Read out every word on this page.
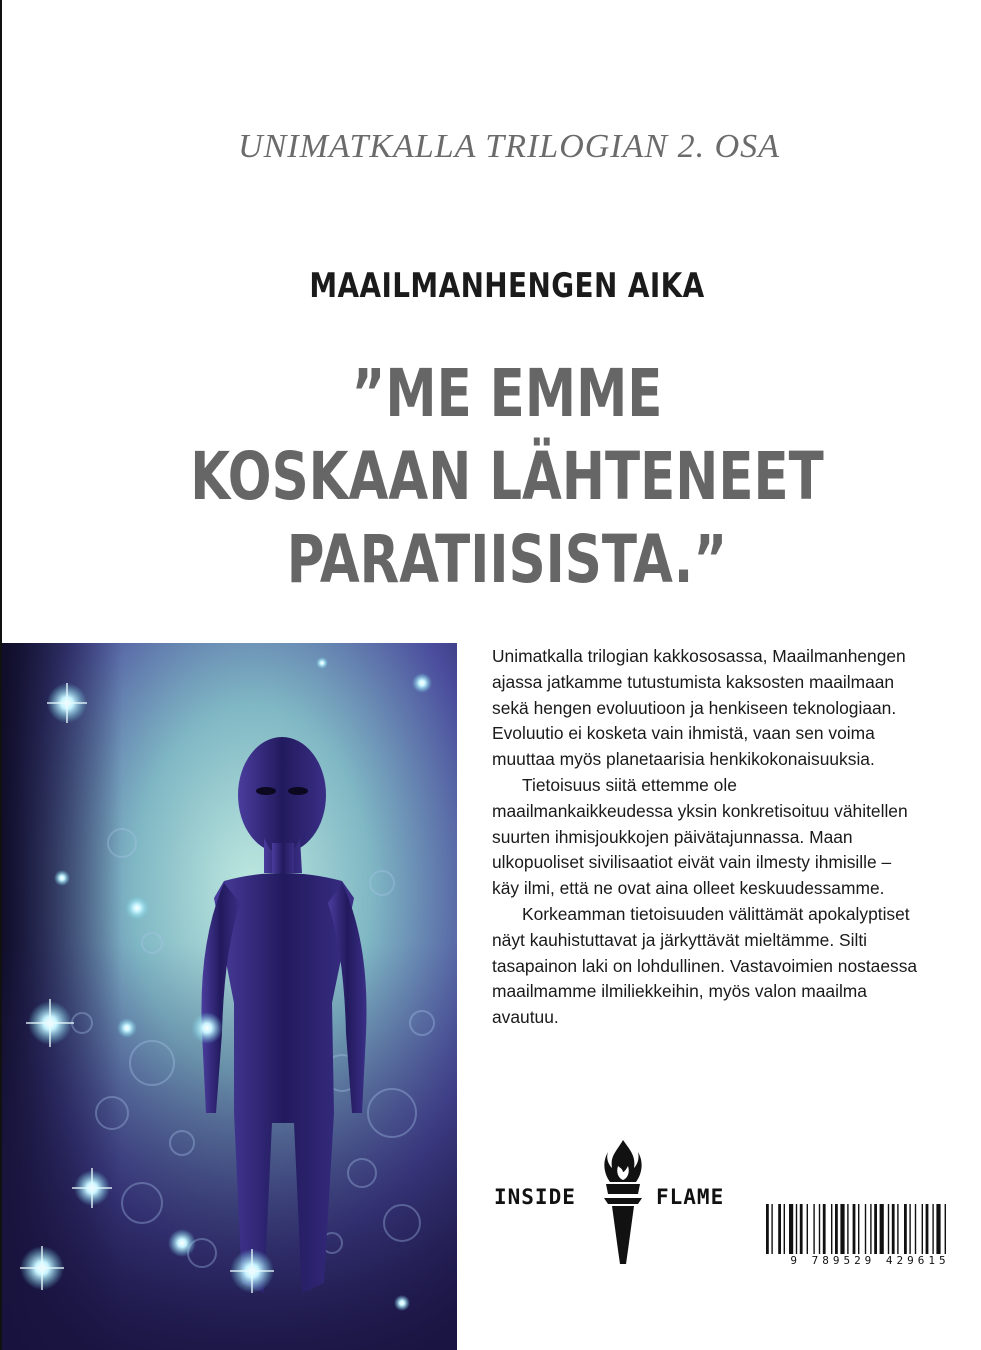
UNIMATKALLA TRILOGIAN 2. OSA
MAAILMANHENGEN AIKA
”ME EMME
KOSKAAN LÄHTENEET
PARATIISISTA.”

Unimatkalla trilogian kakkososassa, Maailmanhengen ajassa jatkamme tutustumista kaksosten maailmaan sekä hengen evoluutioon ja henkiseen teknologiaan. Evoluutio ei kosketa vain ihmistä, vaan sen voima muuttaa myös planetaarisia henkikokonaisuuksia.

Tietoisuus siitä ettemme ole maailmankaikkeudessa yksin konkretisoituu vähitellen suurten ihmisjoukkojen päivätajunnassa. Maan ulkopuoliset sivilisaatiot eivät vain ilmesty ihmisille – käy ilmi, että ne ovat aina olleet keskuudessamme.

Korkeamman tietoisuuden välittämät apokalyptiset näyt kauhistuttavat ja järkyttävät mieltämme. Silti tasapainon laki on lohdullinen. Vastavoimien nostaessa maailmamme ilmiliekkeihin, myös valon maailma avautuu.

INSIDE	FLAME
9 789529 429615
